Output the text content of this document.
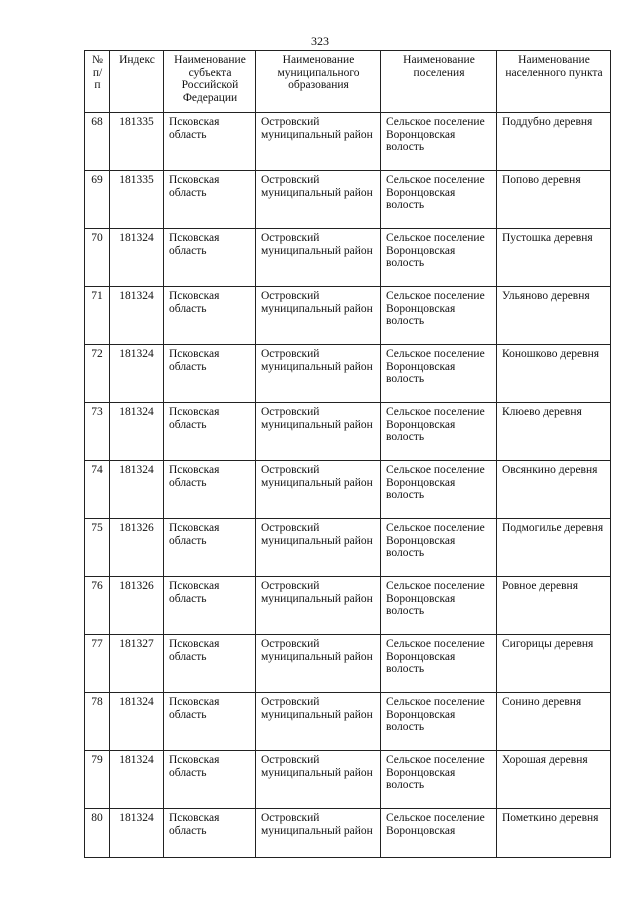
323
№ п/п	Индекс	Наименование субъекта Российской Федерации	Наименование муниципального образования	Наименование поселения	Наименование населенного пункта

68	181335	Псковская область	Островский муниципальный район	Сельское поселение Воронцовская волость	Поддубно деревня

69	181335	Псковская область	Островский муниципальный район	Сельское поселение Воронцовская волость	Попово деревня

70	181324	Псковская область	Островский муниципальный район	Сельское поселение Воронцовская волость	Пустошка деревня

71	181324	Псковская область	Островский муниципальный район	Сельское поселение Воронцовская волость	Ульяново деревня

72	181324	Псковская область	Островский муниципальный район	Сельское поселение Воронцовская волость	Коношково деревня

73	181324	Псковская область	Островский муниципальный район	Сельское поселение Воронцовская волость	Клюево деревня

74	181324	Псковская область	Островский муниципальный район	Сельское поселение Воронцовская волость	Овсянкино деревня

75	181326	Псковская область	Островский муниципальный район	Сельское поселение Воронцовская волость	Подмогилье деревня

76	181326	Псковская область	Островский муниципальный район	Сельское поселение Воронцовская волость	Ровное деревня

77	181327	Псковская область	Островский муниципальный район	Сельское поселение Воронцовская волость	Сигорицы деревня

78	181324	Псковская область	Островский муниципальный район	Сельское поселение Воронцовская волость	Сонино деревня

79	181324	Псковская область	Островский муниципальный район	Сельское поселение Воронцовская волость	Хорошая деревня

80	181324	Псковская область	Островский муниципальный район	Сельское поселение Воронцовская	Пометкино деревня
